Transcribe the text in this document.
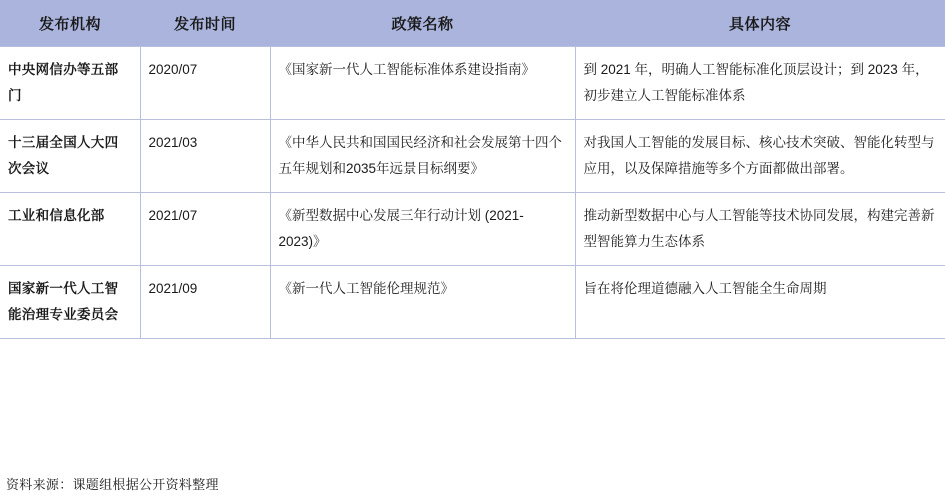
发布机构	发布时间	政策名称	具体内容
中央网信办等五部门	2020/07	《国家新一代人工智能标准体系建设指南》	到 2021 年，明确人工智能标准化顶层设计；到 2023 年，初步建立人工智能标准体系
十三届全国人大四次会议	2021/03	《中华人民共和国国民经济和社会发展第十四个五年规划和2035年远景目标纲要》	对我国人工智能的发展目标、核心技术突破、智能化转型与应用，以及保障措施等多个方面都做出部署。
工业和信息化部	2021/07	《新型数据中心发展三年行动计划 (2021-2023)》	推动新型数据中心与人工智能等技术协同发展，构建完善新型智能算力生态体系
国家新一代人工智能治理专业委员会	2021/09	《新一代人工智能伦理规范》	旨在将伦理道德融入人工智能全生命周期
资料来源：课题组根据公开资料整理
